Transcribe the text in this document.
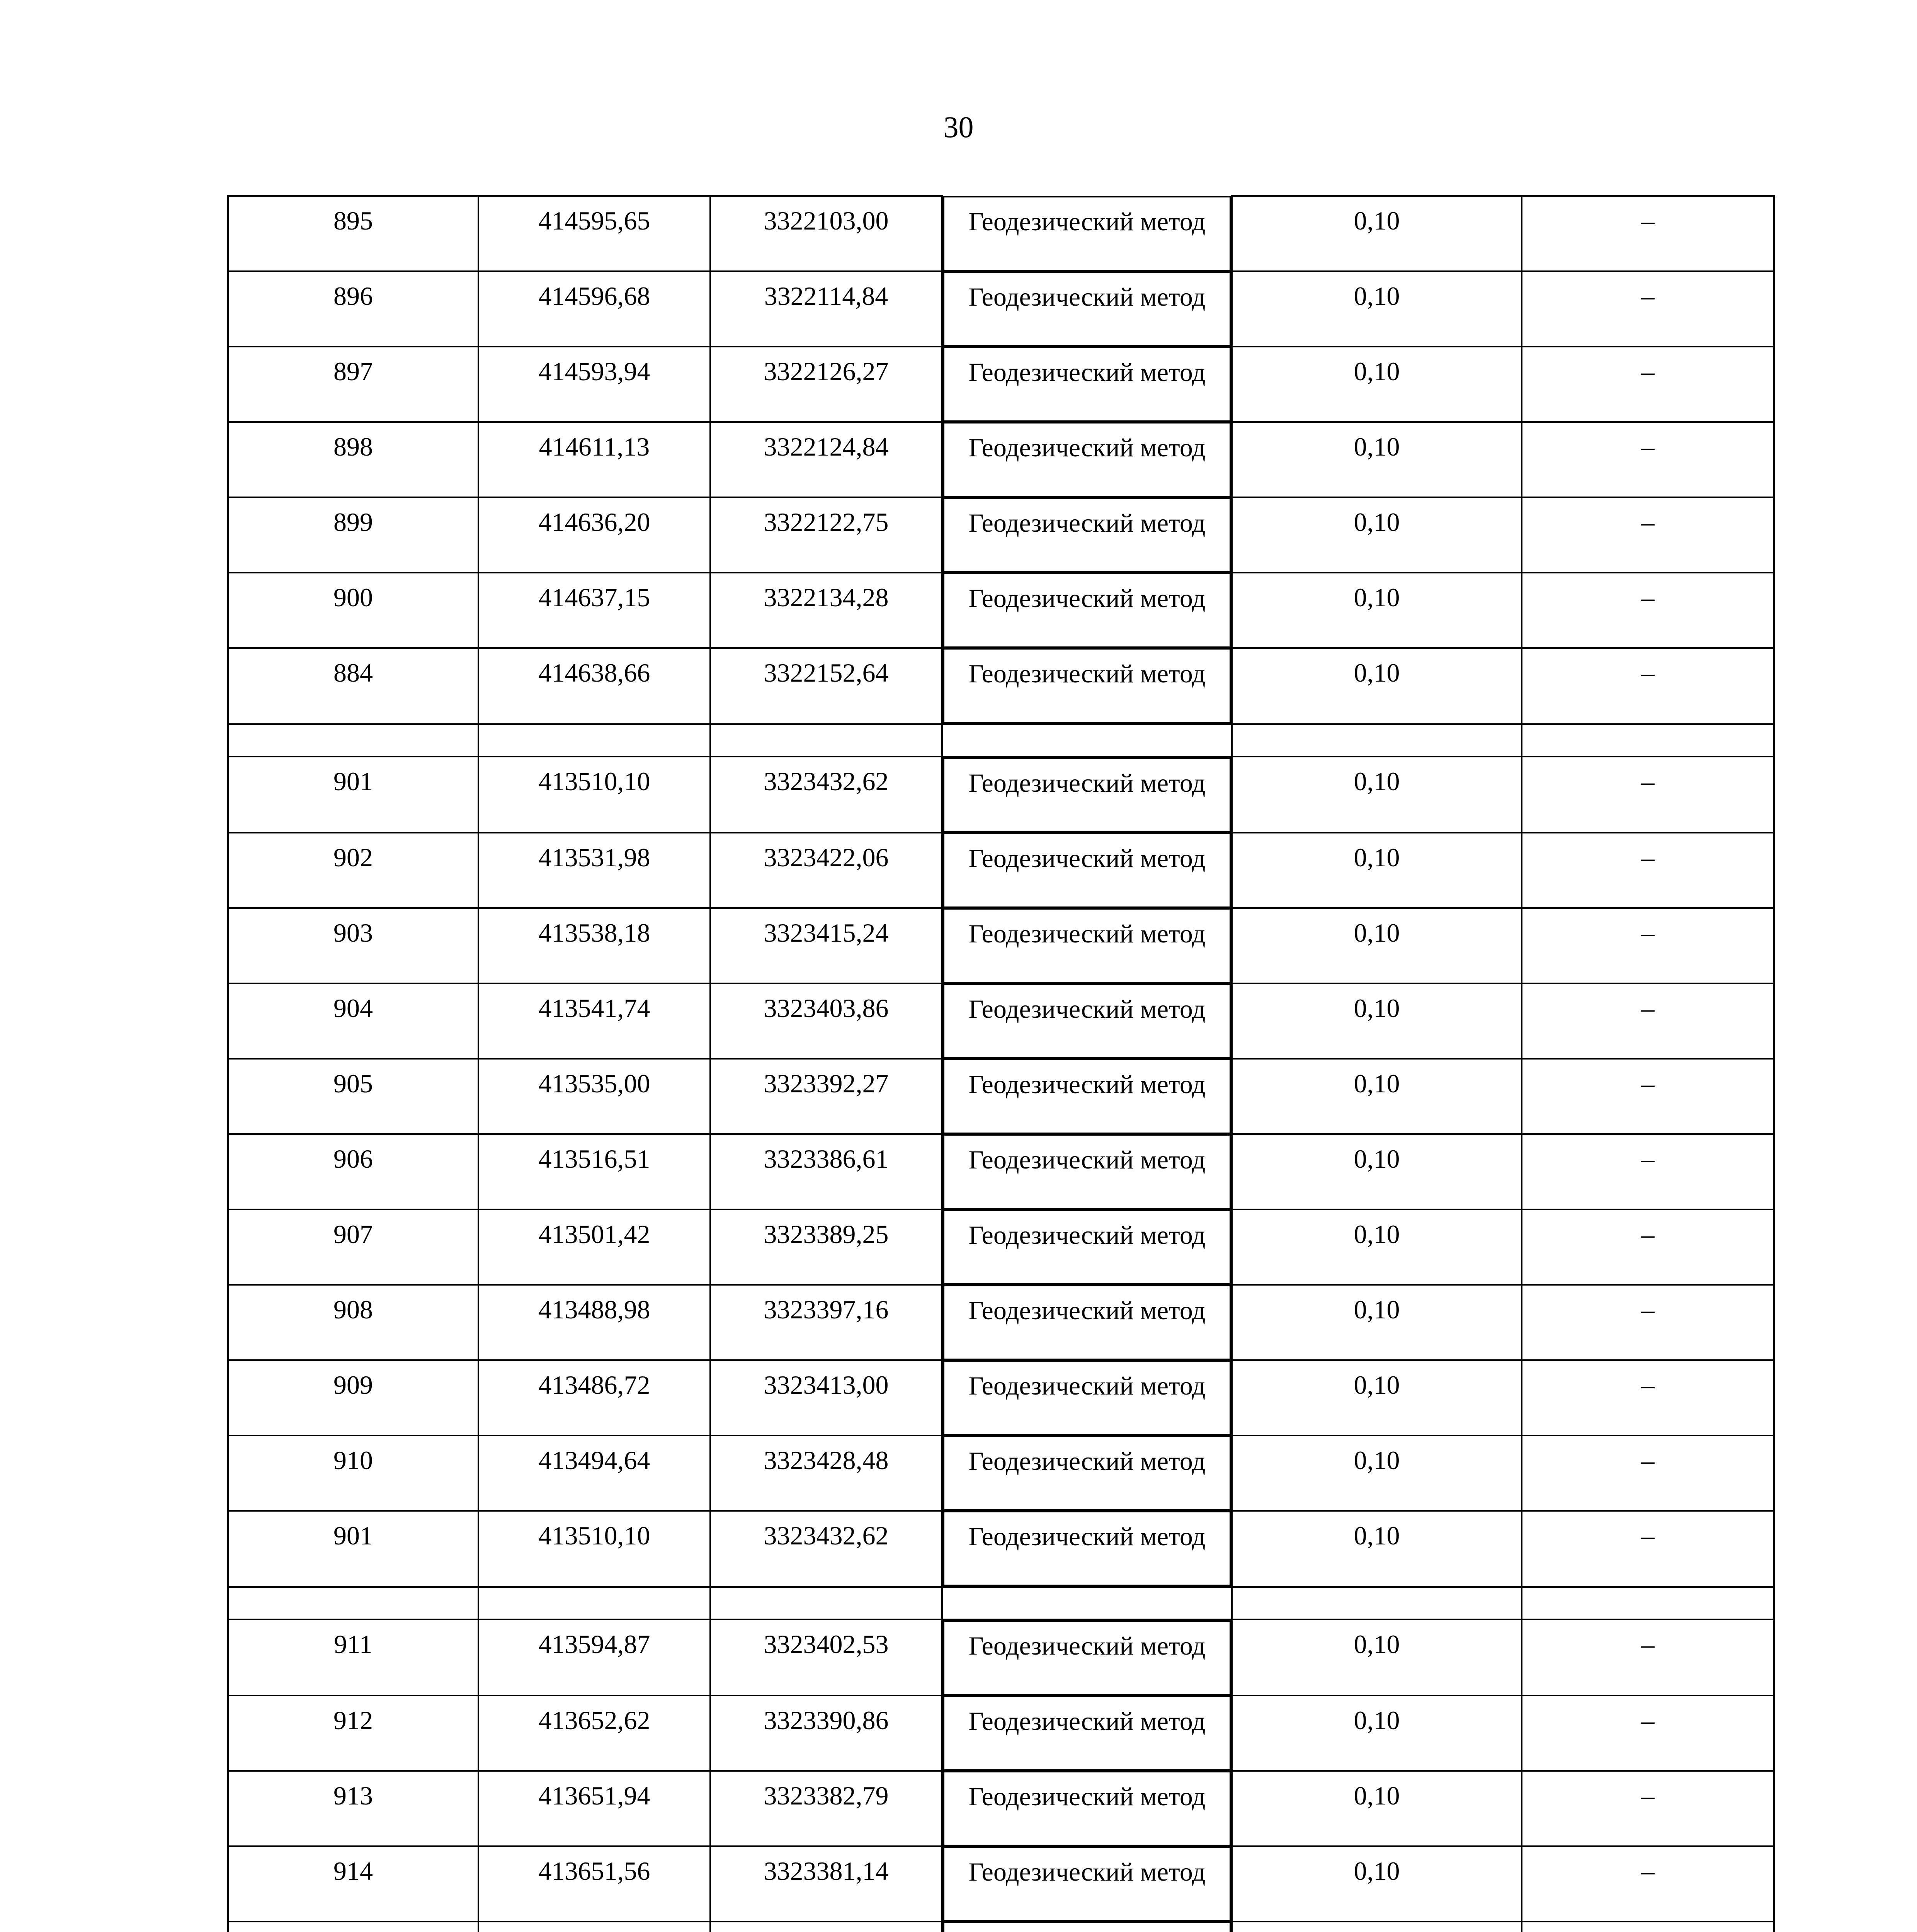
30
895	414595,65	3322103,00		Геодезический метод	0,10	–
896	414596,68	3322114,84		Геодезический метод	0,10	–
897	414593,94	3322126,27		Геодезический метод	0,10	–
898	414611,13	3322124,84		Геодезический метод	0,10	–
899	414636,20	3322122,75		Геодезический метод	0,10	–
900	414637,15	3322134,28		Геодезический метод	0,10	–
884	414638,66	3322152,64		Геодезический метод	0,10	–

901	413510,10	3323432,62		Геодезический метод	0,10	–
902	413531,98	3323422,06		Геодезический метод	0,10	–
903	413538,18	3323415,24		Геодезический метод	0,10	–
904	413541,74	3323403,86		Геодезический метод	0,10	–
905	413535,00	3323392,27		Геодезический метод	0,10	–
906	413516,51	3323386,61		Геодезический метод	0,10	–
907	413501,42	3323389,25		Геодезический метод	0,10	–
908	413488,98	3323397,16		Геодезический метод	0,10	–
909	413486,72	3323413,00		Геодезический метод	0,10	–
910	413494,64	3323428,48		Геодезический метод	0,10	–
901	413510,10	3323432,62		Геодезический метод	0,10	–

911	413594,87	3323402,53		Геодезический метод	0,10	–
912	413652,62	3323390,86		Геодезический метод	0,10	–
913	413651,94	3323382,79		Геодезический метод	0,10	–
914	413651,56	3323381,14		Геодезический метод	0,10	–
